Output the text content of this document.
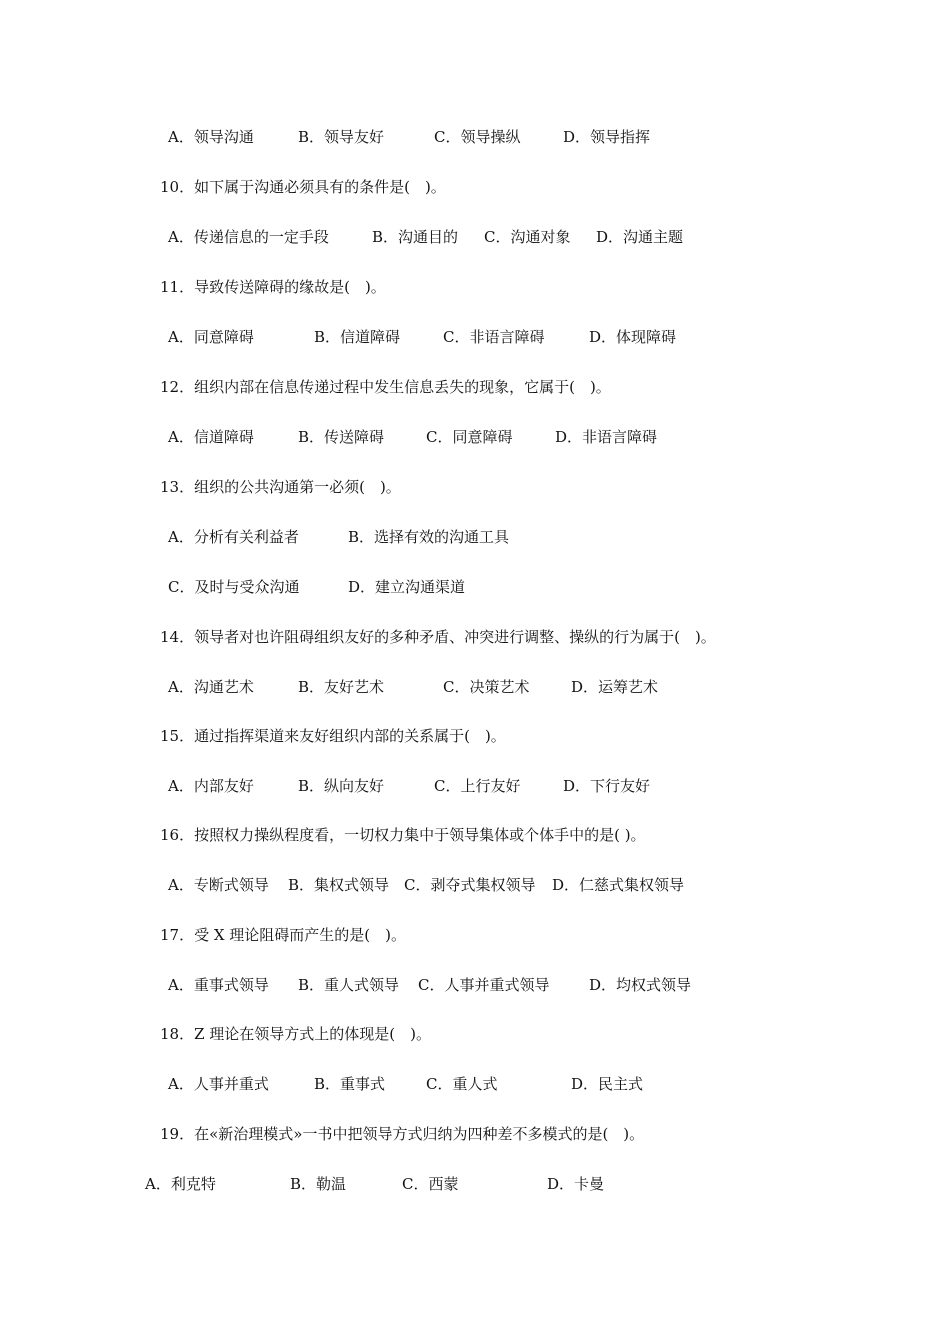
A．领导沟通	B．领导友好	C．领导操纵	D．领导指挥
10．如下属于沟通必须具有的条件是(　)。
A．传递信息的一定手段	B．沟通目的 C．沟通对象 D．沟通主题
11．导致传送障碍的缘故是(　)。
A．同意障碍	B．信道障碍	C．非语言障碍	D．体现障碍
12．组织内部在信息传递过程中发生信息丢失的现象，它属于(　)。
A．信道障碍	B．传送障碍	C．同意障碍	D．非语言障碍
13．组织的公共沟通第一必须(　)。
A．分析有关利益者	B．选择有效的沟通工具
C．及时与受众沟通	D．建立沟通渠道
14．领导者对也许阻碍组织友好的多种矛盾、冲突进行调整、操纵的行为属于(　)。
A．沟通艺术	B．友好艺术	C．决策艺术	D．运筹艺术
15．通过指挥渠道来友好组织内部的关系属于(　)。
A．内部友好	B．纵向友好	C．上行友好	D．下行友好
16．按照权力操纵程度看，一切权力集中于领导集体或个体手中的是( )。
A．专断式领导 B．集权式领导 C．剥夺式集权领导 D．仁慈式集权领导
17．受 X 理论阻碍而产生的是(　)。
A．重事式领导 B．重人式领导 C．人事并重式领导	D．均权式领导
18．Z 理论在领导方式上的体现是(　)。
A．人事并重式	B．重事式	C．重人式	D．民主式
19．在«新治理模式»一书中把领导方式归纳为四种差不多模式的是(　)。
A．利克特	B．勒温	C．西蒙	D．卡曼
